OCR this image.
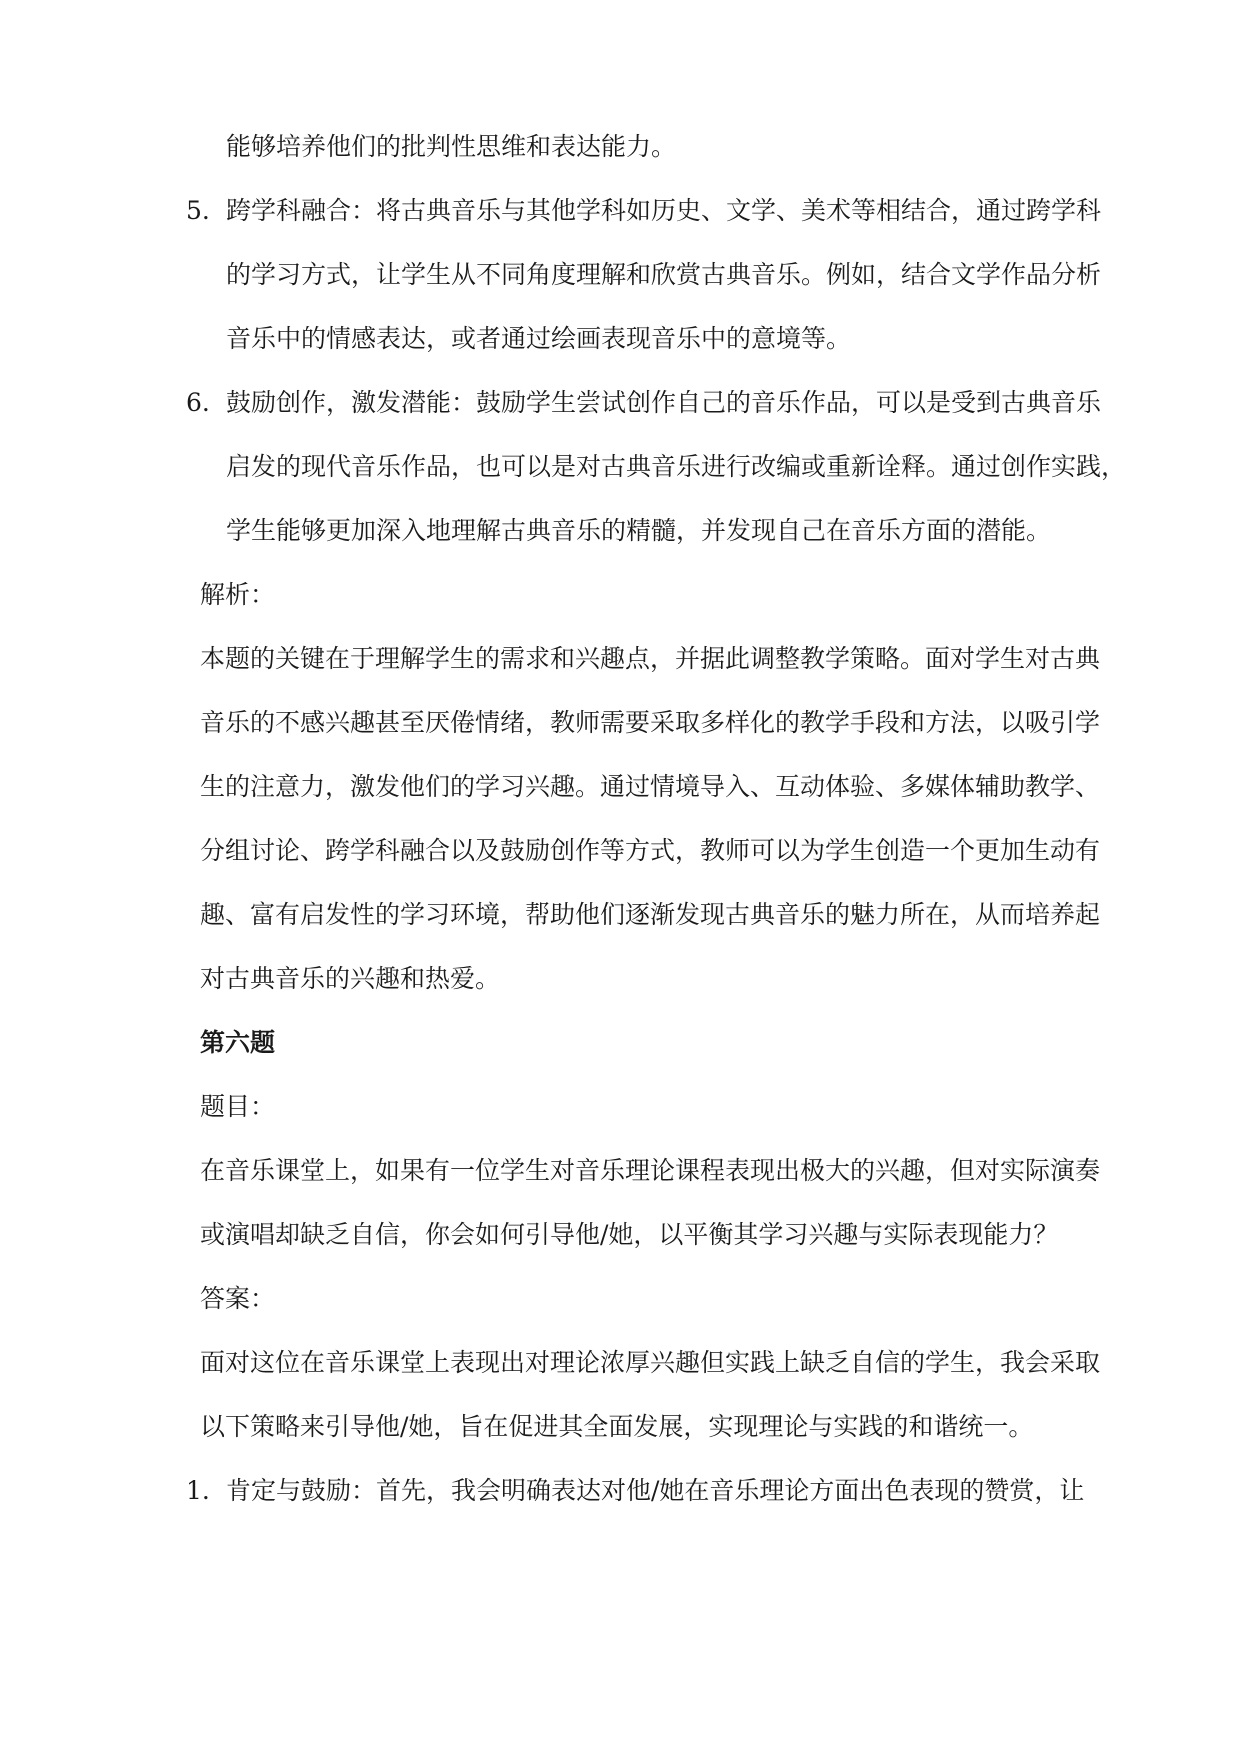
能够培养他们的批判性思维和表达能力。
5. 跨学科融合：将古典音乐与其他学科如历史、文学、美术等相结合，通过跨学科
的学习方式，让学生从不同角度理解和欣赏古典音乐。例如，结合文学作品分析
音乐中的情感表达，或者通过绘画表现音乐中的意境等。
6. 鼓励创作，激发潜能：鼓励学生尝试创作自己的音乐作品，可以是受到古典音乐
启发的现代音乐作品，也可以是对古典音乐进行改编或重新诠释。通过创作实践，
学生能够更加深入地理解古典音乐的精髓，并发现自己在音乐方面的潜能。
解析：
本题的关键在于理解学生的需求和兴趣点，并据此调整教学策略。面对学生对古典
音乐的不感兴趣甚至厌倦情绪，教师需要采取多样化的教学手段和方法，以吸引学
生的注意力，激发他们的学习兴趣。通过情境导入、互动体验、多媒体辅助教学、
分组讨论、跨学科融合以及鼓励创作等方式，教师可以为学生创造一个更加生动有
趣、富有启发性的学习环境，帮助他们逐渐发现古典音乐的魅力所在，从而培养起
对古典音乐的兴趣和热爱。
第六题
题目：
在音乐课堂上，如果有一位学生对音乐理论课程表现出极大的兴趣，但对实际演奏
或演唱却缺乏自信，你会如何引导他/她，以平衡其学习兴趣与实际表现能力？
答案：
面对这位在音乐课堂上表现出对理论浓厚兴趣但实践上缺乏自信的学生，我会采取
以下策略来引导他/她，旨在促进其全面发展，实现理论与实践的和谐统一。
1. 肯定与鼓励：首先，我会明确表达对他/她在音乐理论方面出色表现的赞赏，让
